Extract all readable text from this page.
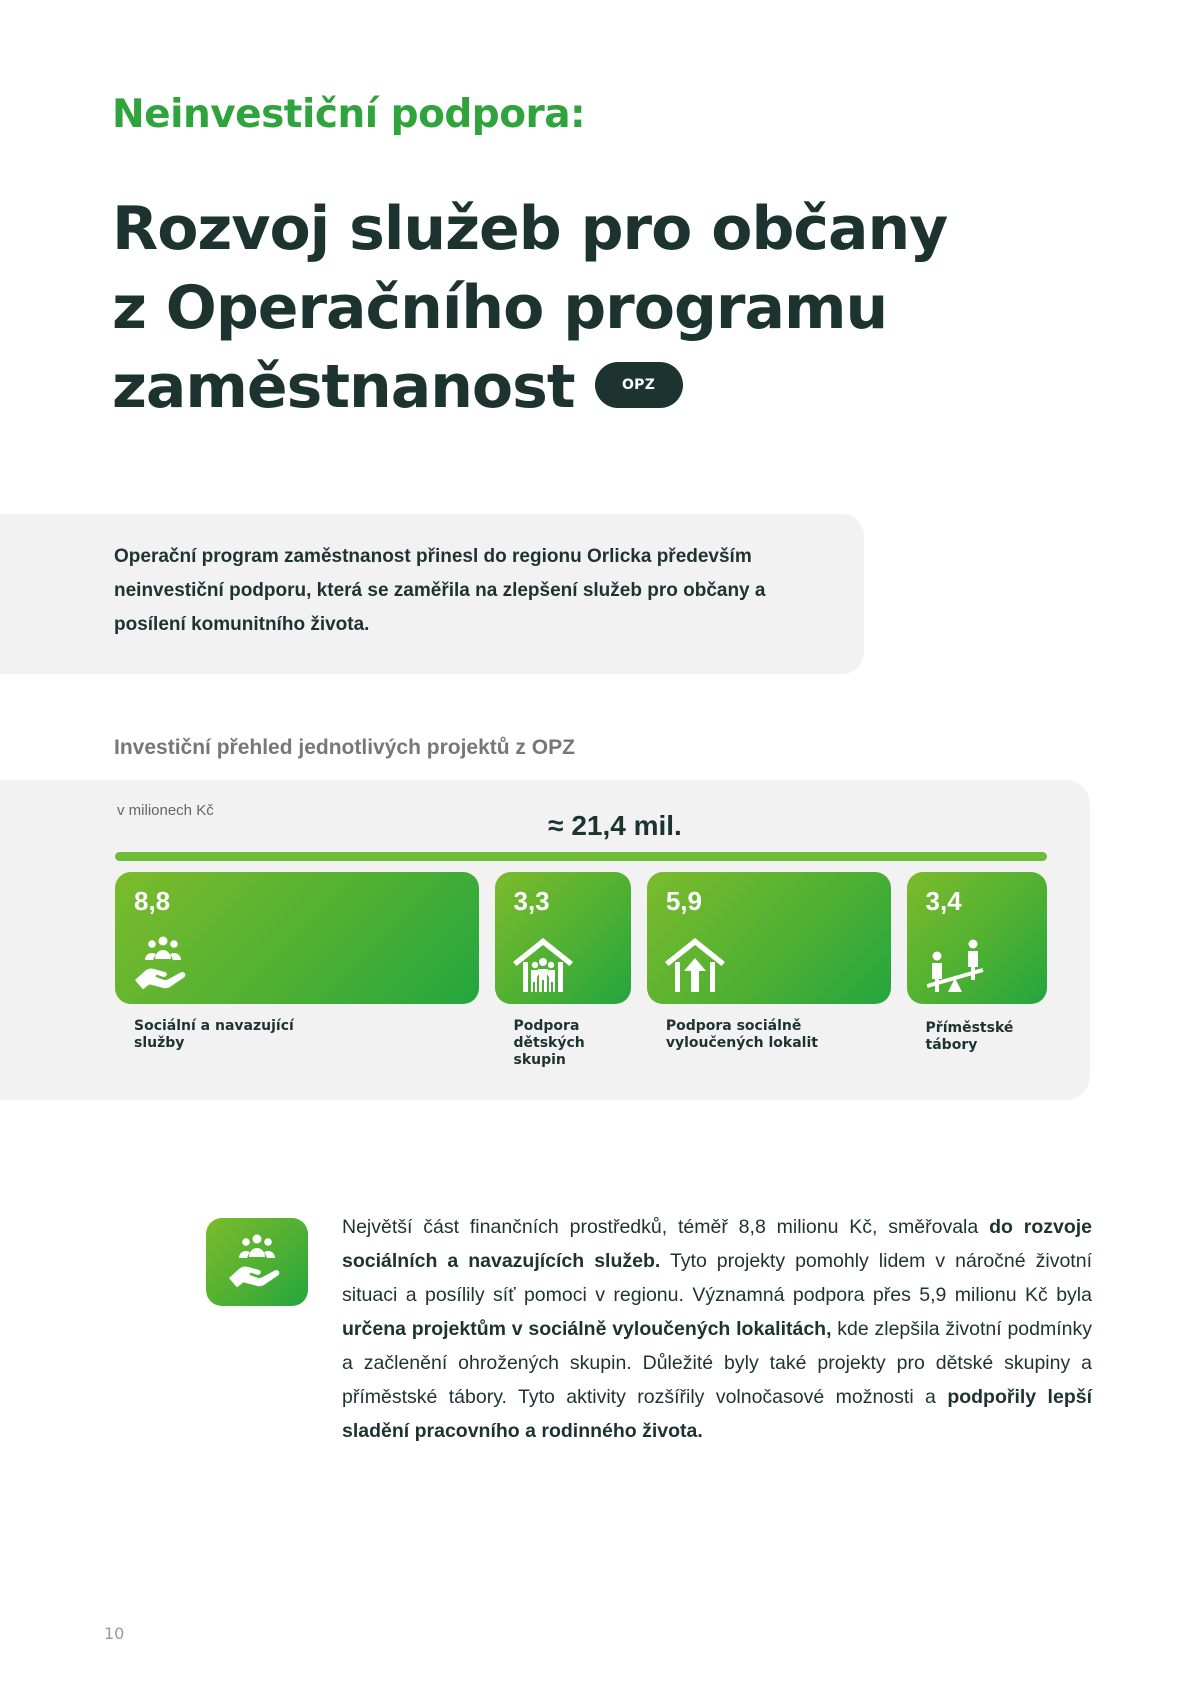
Neinvestiční podpora:
Rozvoj služeb pro občany
z Operačního programu
zaměstnanost	OPZ

Operační program zaměstnanost přinesl do regionu Orlicka především neinvestiční podporu, která se zaměřila na zlepšení služeb pro občany a posílení komunitního života.

Investiční přehled jednotlivých projektů z OPZ
v milionech Kč	≈ 21,4 mil.
8,8
Sociální a navazující služby
3,3
Podpora dětských skupin
5,9
Podpora sociálně vyloučených lokalit
3,4
Příměstské tábory

Největší část finančních prostředků, téměř 8,8 milionu Kč, směřovala do rozvoje sociálních a navazujících služeb. Tyto projekty pomohly lidem v náročné životní situaci a posílily síť pomoci v regionu. Významná podpora přes 5,9 milionu Kč byla určena projektům v sociálně vyloučených lokalitách, kde zlepšila životní podmínky a začlenění ohrožených skupin. Důležité byly také projekty pro dětské skupiny a příměstské tábory. Tyto aktivity rozšířily volnočasové možnosti a podpořily lepší sladění pracovního a rodinného života.

10
